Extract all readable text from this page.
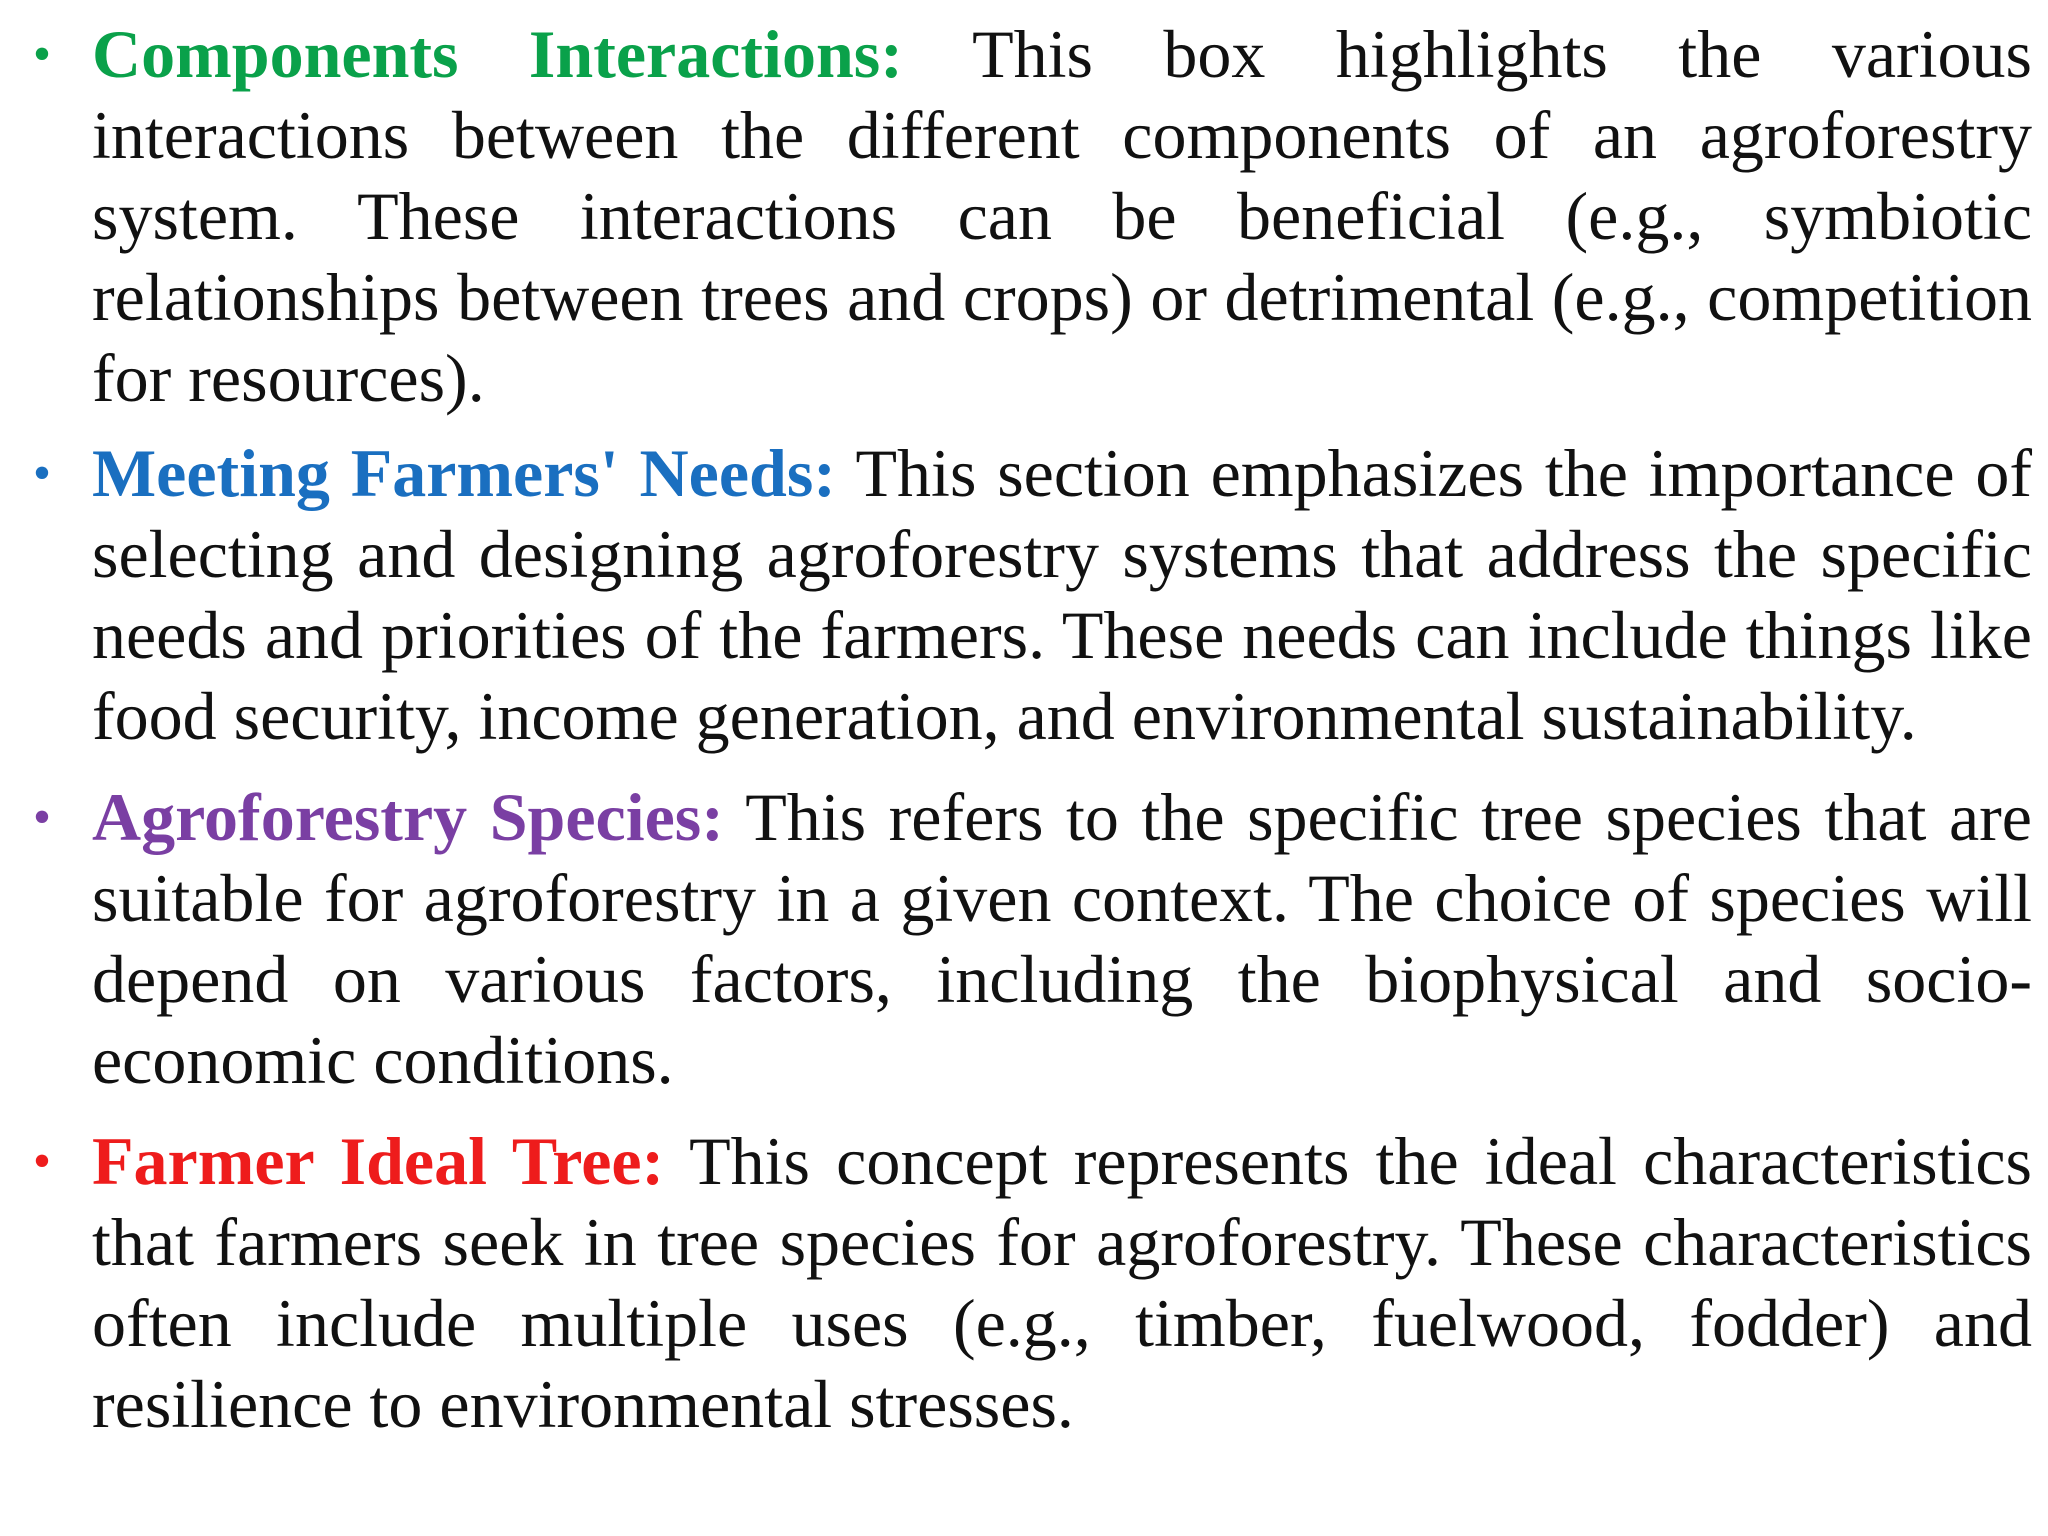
• Components Interactions: This box highlights the various interactions between the different components of an agroforestry system. These interactions can be beneficial (e.g., symbiotic relationships between trees and crops) or detrimental (e.g., competition for resources).
• Meeting Farmers' Needs: This section emphasizes the importance of selecting and designing agroforestry systems that address the specific needs and priorities of the farmers. These needs can include things like food security, income generation, and environmental sustainability.
• Agroforestry Species: This refers to the specific tree species that are suitable for agroforestry in a given context. The choice of species will depend on various factors, including the biophysical and socio-economic conditions.
• Farmer Ideal Tree: This concept represents the ideal characteristics that farmers seek in tree species for agroforestry. These characteristics often include multiple uses (e.g., timber, fuelwood, fodder) and resilience to environmental stresses.
